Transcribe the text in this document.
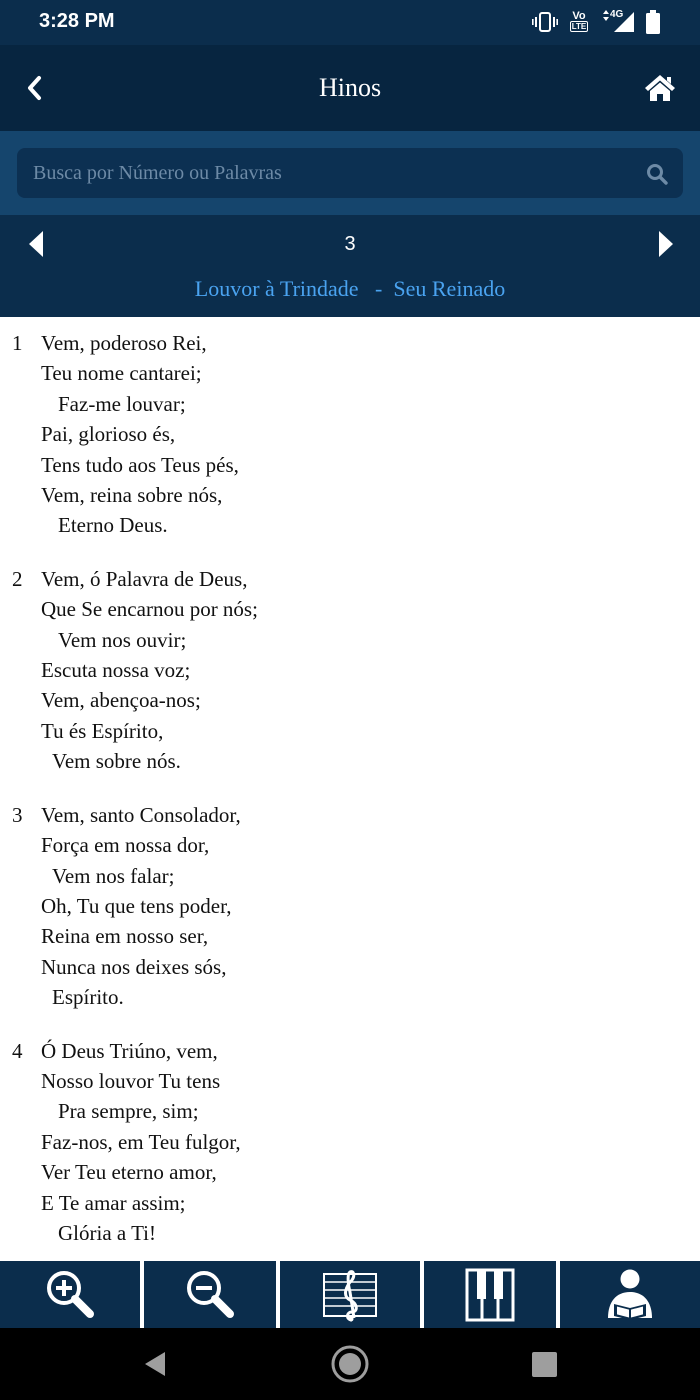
3:28 PM	Vo
LTE
4G
Hinos
Busca por Número ou Palavras
3
Louvor à Trindade   -  Seu Reinado
1 Vem, poderoso Rei,
Teu nome cantarei;
Faz-me louvar;
Pai, glorioso és,
Tens tudo aos Teus pés,
Vem, reina sobre nós,
Eterno Deus.
2 Vem, ó Palavra de Deus,
Que Se encarnou por nós;
Vem nos ouvir;
Escuta nossa voz;
Vem, abençoa-nos;
Tu és Espírito,
Vem sobre nós.
3 Vem, santo Consolador,
Força em nossa dor,
Vem nos falar;
Oh, Tu que tens poder,
Reina em nosso ser,
Nunca nos deixes sós,
Espírito.
4 Ó Deus Triúno, vem,
Nosso louvor Tu tens
Pra sempre, sim;
Faz-nos, em Teu fulgor,
Ver Teu eterno amor,
E Te amar assim;
Glória a Ti!
